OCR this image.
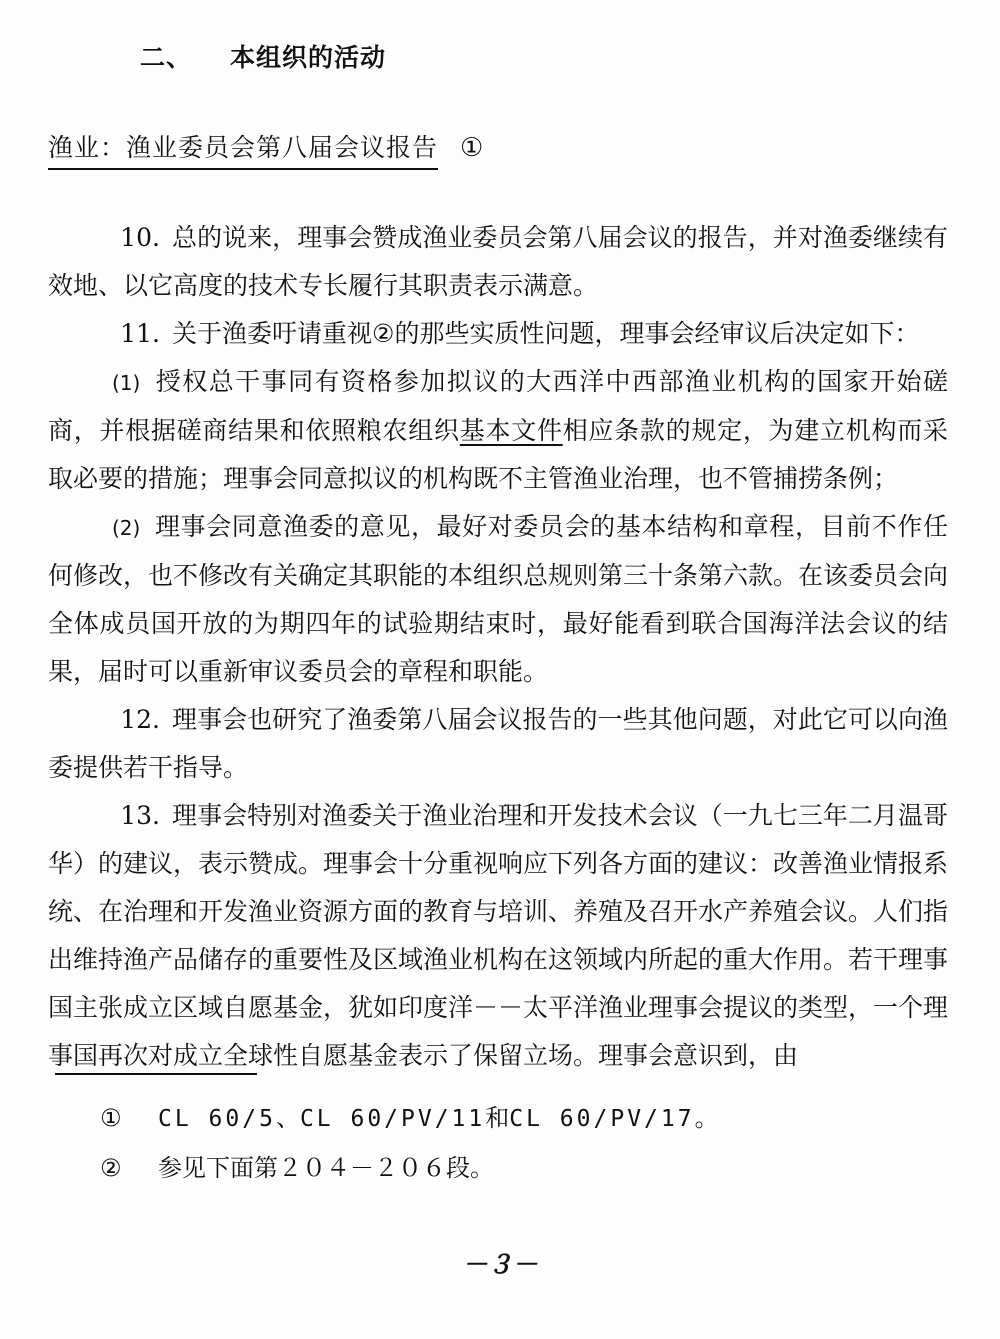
二、 本组织的活动
渔业：渔业委员会第八届会议报告 ①

10. 总的说来，理事会赞成渔业委员会第八届会议的报告，并对渔委继续有效地、以它高度的技术专长履行其职责表示满意。

11. 关于渔委吁请重视②的那些实质性问题，理事会经审议后决定如下：

(1) 授权总干事同有资格参加拟议的大西洋中西部渔业机构的国家开始磋商，并根据磋商结果和依照粮农组织基本文件相应条款的规定，为建立机构而采取必要的措施；理事会同意拟议的机构既不主管渔业治理，也不管捕捞条例；

(2) 理事会同意渔委的意见，最好对委员会的基本结构和章程，目前不作任何修改，也不修改有关确定其职能的本组织总规则第三十条第六款。在该委员会向全体成员国开放的为期四年的试验期结束时，最好能看到联合国海洋法会议的结果，届时可以重新审议委员会的章程和职能。

12. 理事会也研究了渔委第八届会议报告的一些其他问题，对此它可以向渔委提供若干指导。

13. 理事会特别对渔委关于渔业治理和开发技术会议（一九七三年二月温哥华）的建议，表示赞成。理事会十分重视响应下列各方面的建议：改善渔业情报系统、在治理和开发渔业资源方面的教育与培训、养殖及召开水产养殖会议。人们指出维持渔产品储存的重要性及区域渔业机构在这领域内所起的重大作用。若干理事国主张成立区域自愿基金，犹如印度洋－－太平洋渔业理事会提议的类型，一个理事国再次对成立全球性自愿基金表示了保留立场。理事会意识到，由

① CL 60/5、CL 60/PV/11和CL 60/PV/17。
② 参见下面第２０４－２０６段。
－３－
